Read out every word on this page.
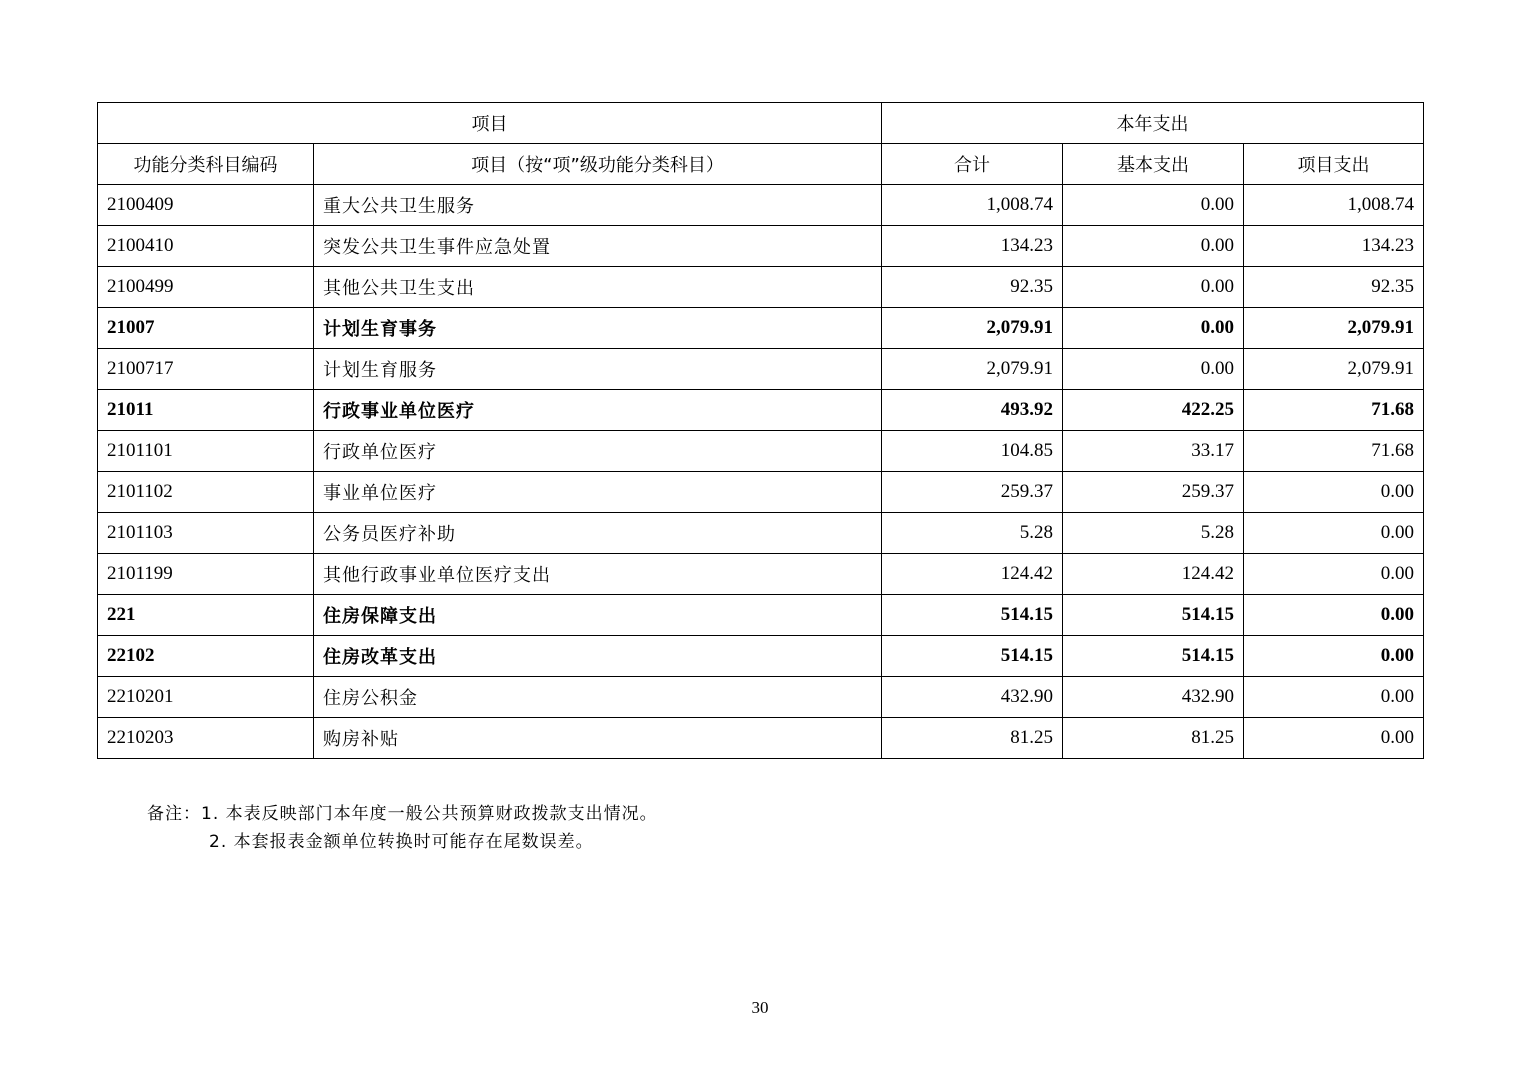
项目		本年支出		
功能分类科目编码	项目（按“项”级功能分类科目）	合计	基本支出	项目支出
2100409	重大公共卫生服务	1,008.74	0.00	1,008.74
2100410	突发公共卫生事件应急处置	134.23	0.00	134.23
2100499	其他公共卫生支出	92.35	0.00	92.35
21007	计划生育事务	2,079.91	0.00	2,079.91
2100717	计划生育服务	2,079.91	0.00	2,079.91
21011	行政事业单位医疗	493.92	422.25	71.68
2101101	行政单位医疗	104.85	33.17	71.68
2101102	事业单位医疗	259.37	259.37	0.00
2101103	公务员医疗补助	5.28	5.28	0.00
2101199	其他行政事业单位医疗支出	124.42	124.42	0.00
221	住房保障支出	514.15	514.15	0.00
22102	住房改革支出	514.15	514.15	0.00
2210201	住房公积金	432.90	432.90	0.00
2210203	购房补贴	81.25	81.25	0.00
备注：1. 本表反映部门本年度一般公共预算财政拨款支出情况。
2. 本套报表金额单位转换时可能存在尾数误差。
30
